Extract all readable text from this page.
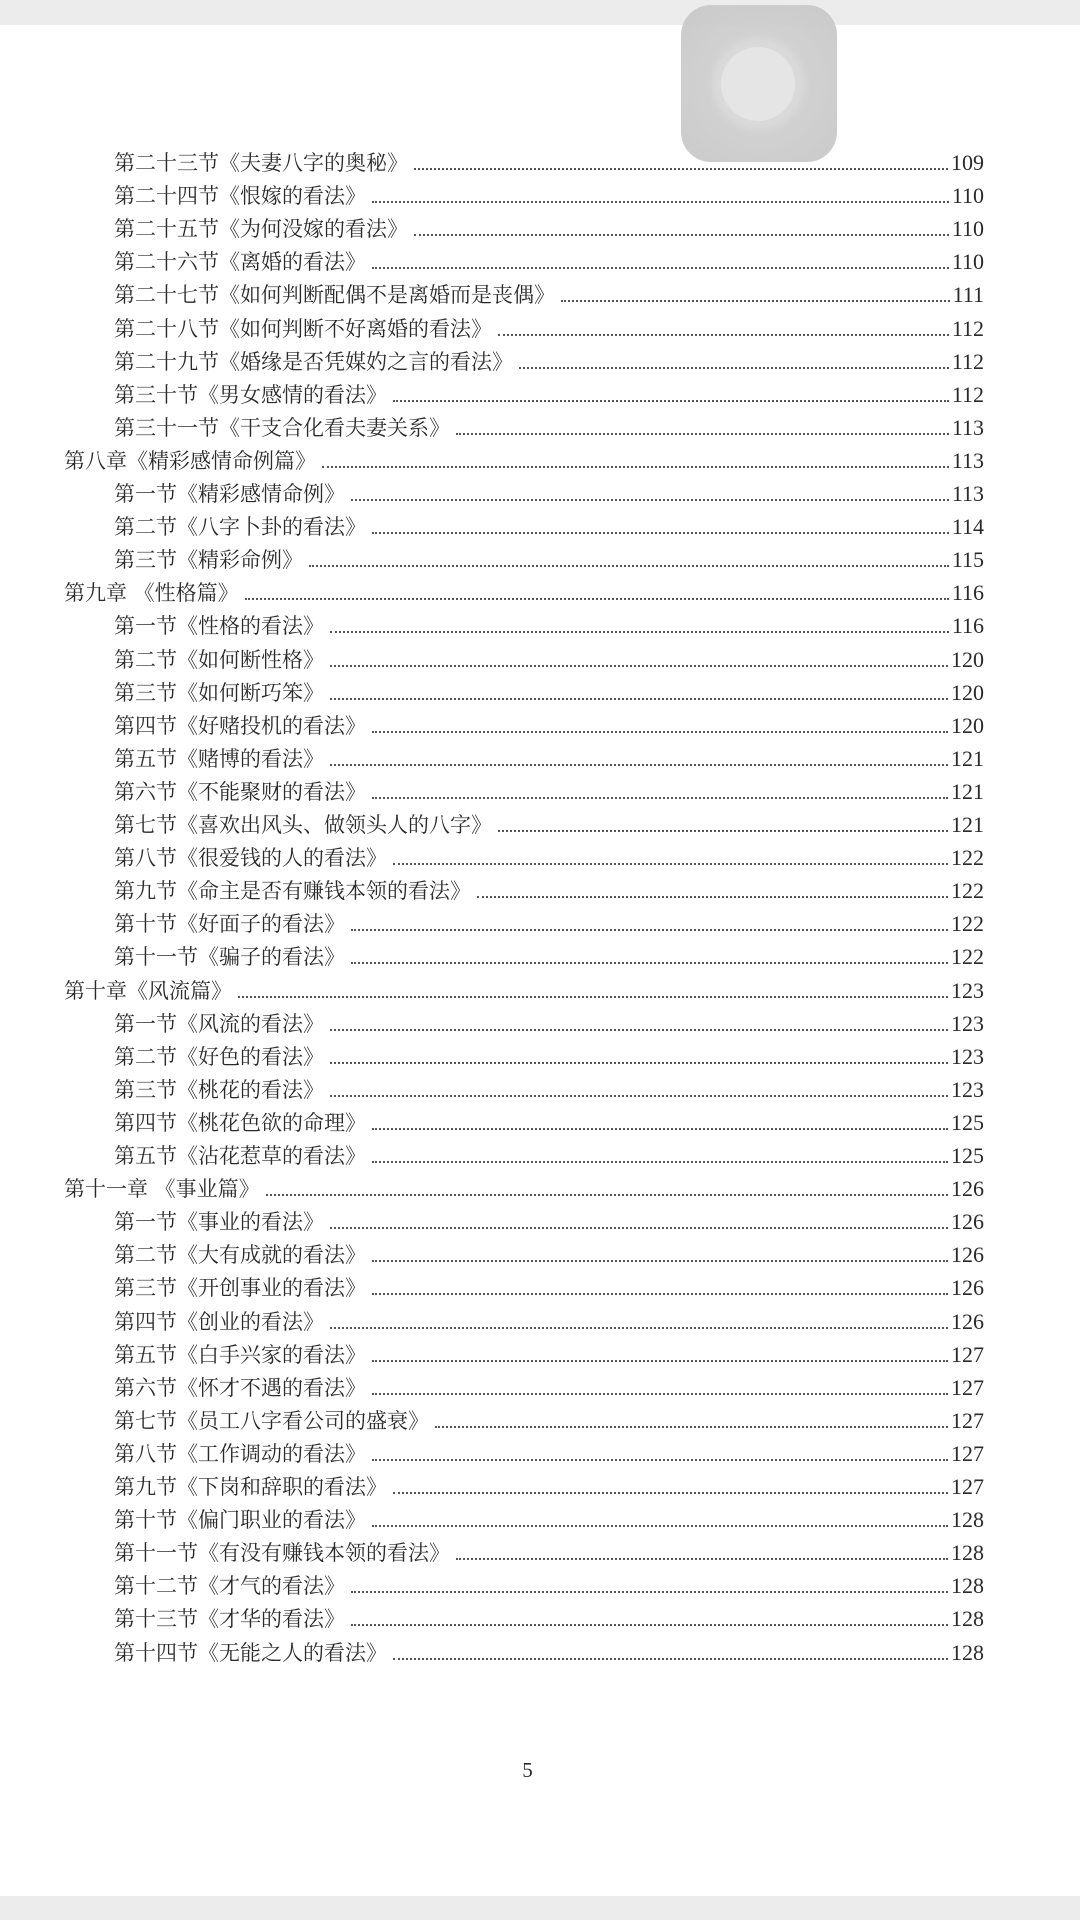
第二十三节《夫妻八字的奥秘》	109
第二十四节《恨嫁的看法》	110
第二十五节《为何没嫁的看法》	110
第二十六节《离婚的看法》	110
第二十七节《如何判断配偶不是离婚而是丧偶》	111
第二十八节《如何判断不好离婚的看法》	112
第二十九节《婚缘是否凭媒妁之言的看法》	112
第三十节《男女感情的看法》	112
第三十一节《干支合化看夫妻关系》	113
第八章《精彩感情命例篇》	113
第一节《精彩感情命例》	113
第二节《八字卜卦的看法》	114
第三节《精彩命例》	115
第九章 《性格篇》	116
第一节《性格的看法》	116
第二节《如何断性格》	120
第三节《如何断巧笨》	120
第四节《好赌投机的看法》	120
第五节《赌博的看法》	121
第六节《不能聚财的看法》	121
第七节《喜欢出风头、做领头人的八字》	121
第八节《很爱钱的人的看法》	122
第九节《命主是否有赚钱本领的看法》	122
第十节《好面子的看法》	122
第十一节《骗子的看法》	122
第十章《风流篇》	123
第一节《风流的看法》	123
第二节《好色的看法》	123
第三节《桃花的看法》	123
第四节《桃花色欲的命理》	125
第五节《沾花惹草的看法》	125
第十一章 《事业篇》	126
第一节《事业的看法》	126
第二节《大有成就的看法》	126
第三节《开创事业的看法》	126
第四节《创业的看法》	126
第五节《白手兴家的看法》	127
第六节《怀才不遇的看法》	127
第七节《员工八字看公司的盛衰》	127
第八节《工作调动的看法》	127
第九节《下岗和辞职的看法》	127
第十节《偏门职业的看法》	128
第十一节《有没有赚钱本领的看法》	128
第十二节《才气的看法》	128
第十三节《才华的看法》	128
第十四节《无能之人的看法》	128
5
